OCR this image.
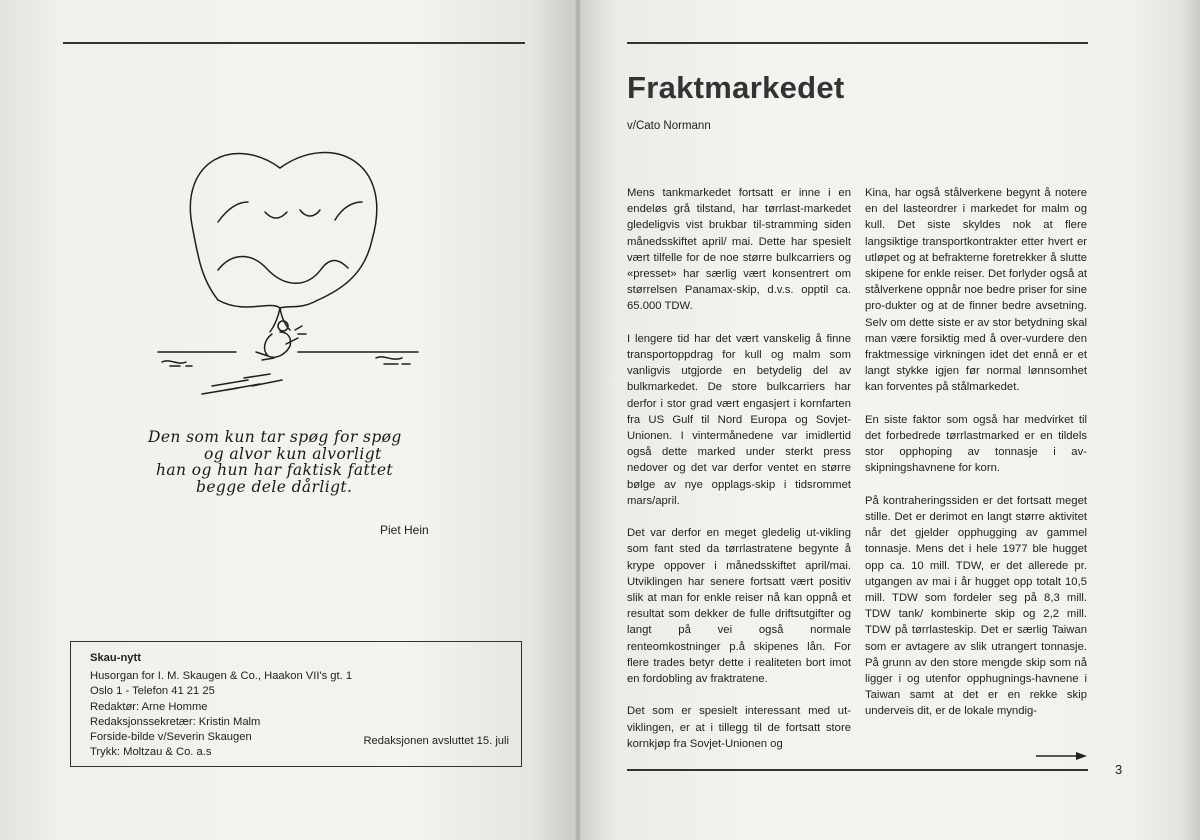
Den som kun tar spøg for spøg
og alvor kun alvorligt
han og hun har faktisk fattet
begge dele dårligt.
Piet Hein
Skau-nytt
Husorgan for I. M. Skaugen & Co., Haakon VII's gt. 1
Oslo 1 - Telefon 41 21 25
Redaktør: Arne Homme
Redaksjonssekretær: Kristin Malm
Forside-bilde v/Severin Skaugen
Trykk: Moltzau & Co. a.s
Redaksjonen avsluttet 15. juli
Fraktmarkedet
v/Cato Normann

Mens tankmarkedet fortsatt er inne i en endeløs grå tilstand, har tørrlast-markedet gledeligvis vist brukbar til-stramming siden månedsskiftet april/ mai. Dette har spesielt vært tilfelle for de noe større bulkcarriers og «presset» har særlig vært konsentrert om størrelsen Panamax-skip, d.v.s. opptil ca. 65.000 TDW.

I lengere tid har det vært vanskelig å finne transportoppdrag for kull og malm som vanligvis utgjorde en betydelig del av bulkmarkedet. De store bulkcarriers har derfor i stor grad vært engasjert i kornfarten fra US Gulf til Nord Europa og Sovjet-Unionen. I vintermånedene var imidlertid også dette marked under sterkt press nedover og det var derfor ventet en større bølge av nye opplags-skip i tidsrommet mars/april.

Det var derfor en meget gledelig ut-vikling som fant sted da tørrlastratene begynte å krype oppover i månedsskiftet april/mai. Utviklingen har senere fortsatt vært positiv slik at man for enkle reiser nå kan oppnå et resultat som dekker de fulle driftsutgifter og langt på vei også normale renteomkostninger p.å skipenes lån. For flere trades betyr dette i realiteten bort imot en fordobling av fraktratene.

Det som er spesielt interessant med ut-viklingen, er at i tillegg til de fortsatt store kornkjøp fra Sovjet-Unionen og

Kina, har også stålverkene begynt å notere en del lasteordrer i markedet for malm og kull. Det siste skyldes nok at flere langsiktige transportkontrakter etter hvert er utløpet og at befrakterne foretrekker å slutte skipene for enkle reiser. Det forlyder også at stålverkene oppnår noe bedre priser for sine pro-dukter og at de finner bedre avsetning. Selv om dette siste er av stor betydning skal man være forsiktig med å over-vurdere den fraktmessige virkningen idet det ennå er et langt stykke igjen før normal lønnsomhet kan forventes på stålmarkedet.

En siste faktor som også har medvirket til det forbedrede tørrlastmarked er en tildels stor opphoping av tonnasje i av-skipningshavnene for korn.

På kontraheringssiden er det fortsatt meget stille. Det er derimot en langt større aktivitet når det gjelder opphugging av gammel tonnasje. Mens det i hele 1977 ble hugget opp ca. 10 mill. TDW, er det allerede pr. utgangen av mai i år hugget opp totalt 10,5 mill. TDW som fordeler seg på 8,3 mill. TDW tank/ kombinerte skip og 2,2 mill. TDW på tørrlasteskip. Det er særlig Taiwan som er avtagere av slik utrangert tonnasje. På grunn av den store mengde skip som nå ligger i og utenfor opphugnings-havnene i Taiwan samt at det er en rekke skip underveis dit, er de lokale myndig-

3
